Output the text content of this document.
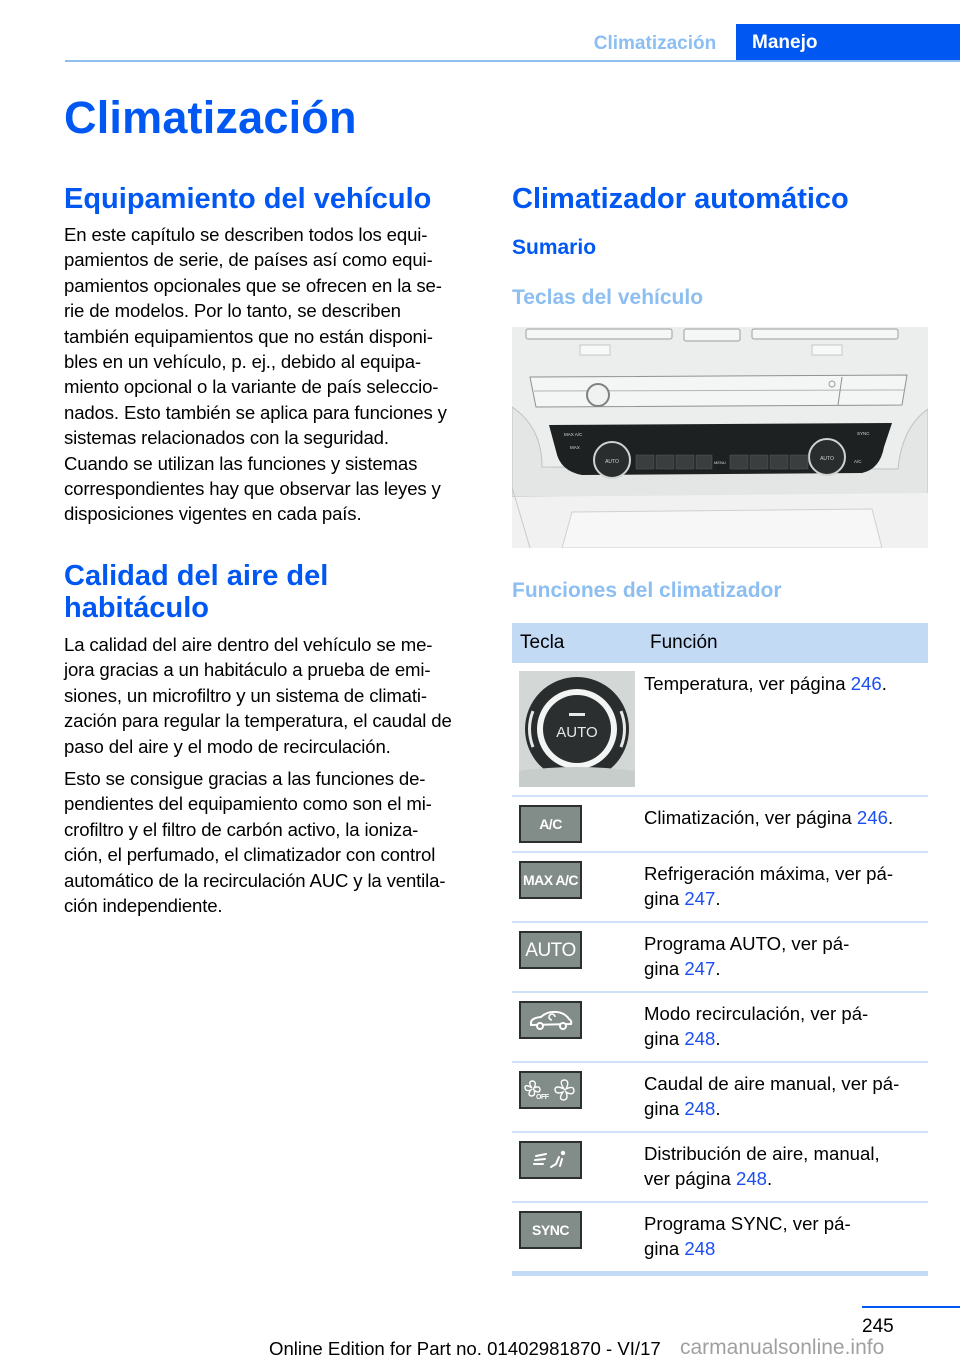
Climatización	Manejo
Climatización
Equipamiento del vehículo
En este capítulo se describen todos los equi-
pamientos de serie, de países así como equi-
pamientos opcionales que se ofrecen en la se-
rie de modelos. Por lo tanto, se describen
también equipamientos que no están disponi-
bles en un vehículo, p. ej., debido al equipa-
miento opcional o la variante de país seleccio-
nados. Esto también se aplica para funciones y
sistemas relacionados con la seguridad.
Cuando se utilizan las funciones y sistemas
correspondientes hay que observar las leyes y
disposiciones vigentes en cada país.
Calidad del aire del
habitáculo
La calidad del aire dentro del vehículo se me-
jora gracias a un habitáculo a prueba de emi-
siones, un microfiltro y un sistema de climati-
zación para regular la temperatura, el caudal de
paso del aire y el modo de recirculación.
Esto se consigue gracias a las funciones de-
pendientes del equipamiento como son el mi-
crofiltro y el filtro de carbón activo, la ioniza-
ción, el perfumado, el climatizador con control
automático de la recirculación AUC y la ventila-
ción independiente.
Climatizador automático
Sumario
Teclas del vehículo
AUTO	AUTO
MAX A/C
MAX
MENU
SYNC
A/C
Funciones del climatizador
Tecla	Función

AUTO	Temperatura, ver página 246.

A/C	Climatización, ver página 246.

MAX A/C	Refrigeración máxima, ver pá-
gina 247.

AUTO	Programa AUTO, ver pá-
gina 247.

Modo recirculación, ver pá-
gina 248.

OFF	Caudal de aire manual, ver pá-
gina 248.

Distribución de aire, manual,
ver página 248.

SYNC	Programa SYNC, ver pá-
gina 248
245
Online Edition for Part no. 01402981870 - VI/17 carmanualsonline.info
